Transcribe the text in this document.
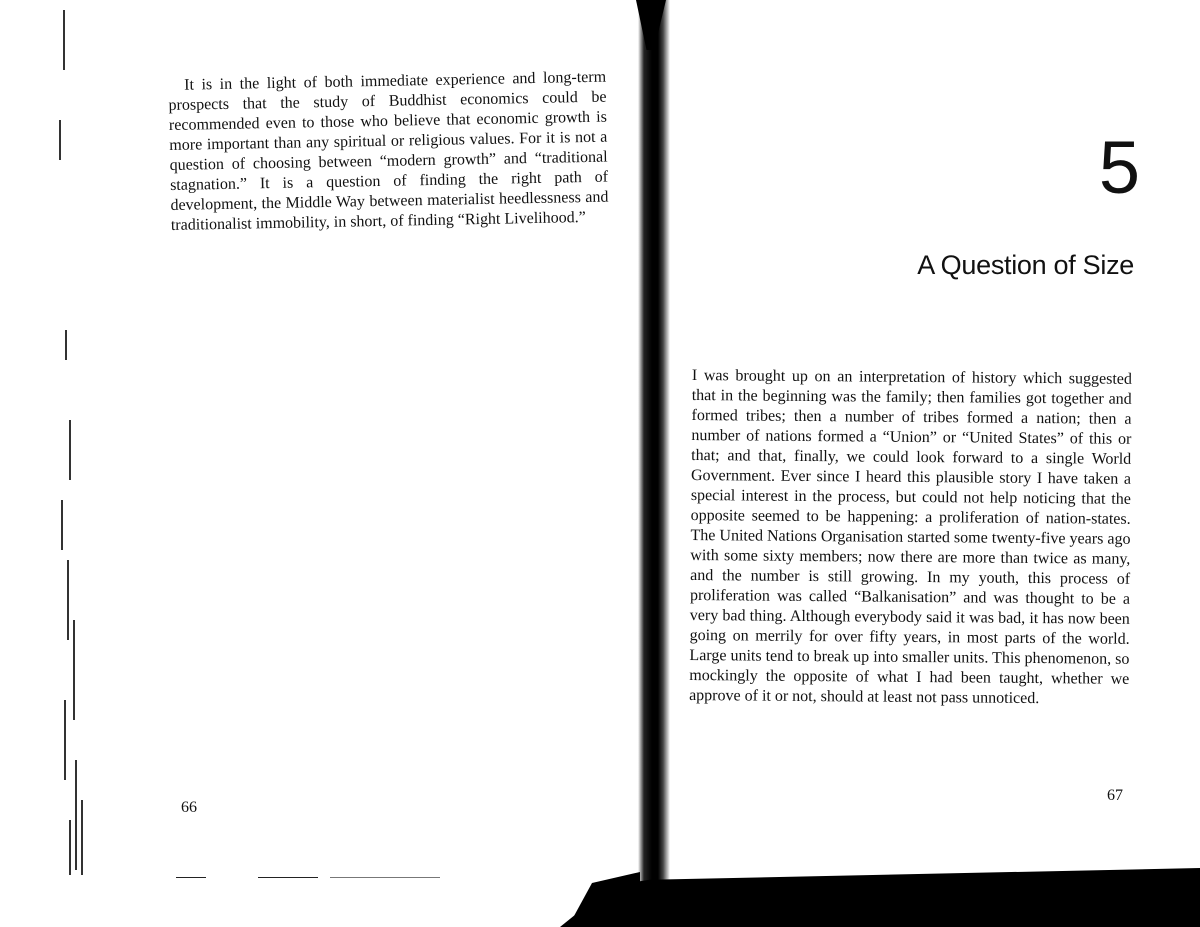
It is in the light of both immediate experience and long-term prospects that the study of Buddhist economics could be recommended even to those who believe that economic growth is more important than any spiritual or religious values. For it is not a question of choosing between “modern growth” and “traditional stagnation.” It is a question of finding the right path of development, the Middle Way between materialist heedlessness and traditionalist immobility, in short, of finding “Right Livelihood.”

66
5
A Question of Size

I was brought up on an interpretation of history which suggested that in the beginning was the family; then families got together and formed tribes; then a number of tribes formed a nation; then a number of nations formed a “Union” or “United States” of this or that; and that, finally, we could look forward to a single World Government. Ever since I heard this plausible story I have taken a special interest in the process, but could not help noticing that the opposite seemed to be happening: a proliferation of nation-states. The United Nations Organisation started some twenty-five years ago with some sixty members; now there are more than twice as many, and the number is still growing. In my youth, this process of proliferation was called “Balkanisation” and was thought to be a very bad thing. Although everybody said it was bad, it has now been going on merrily for over fifty years, in most parts of the world. Large units tend to break up into smaller units. This phenomenon, so mockingly the opposite of what I had been taught, whether we approve of it or not, should at least not pass unnoticed.

67
